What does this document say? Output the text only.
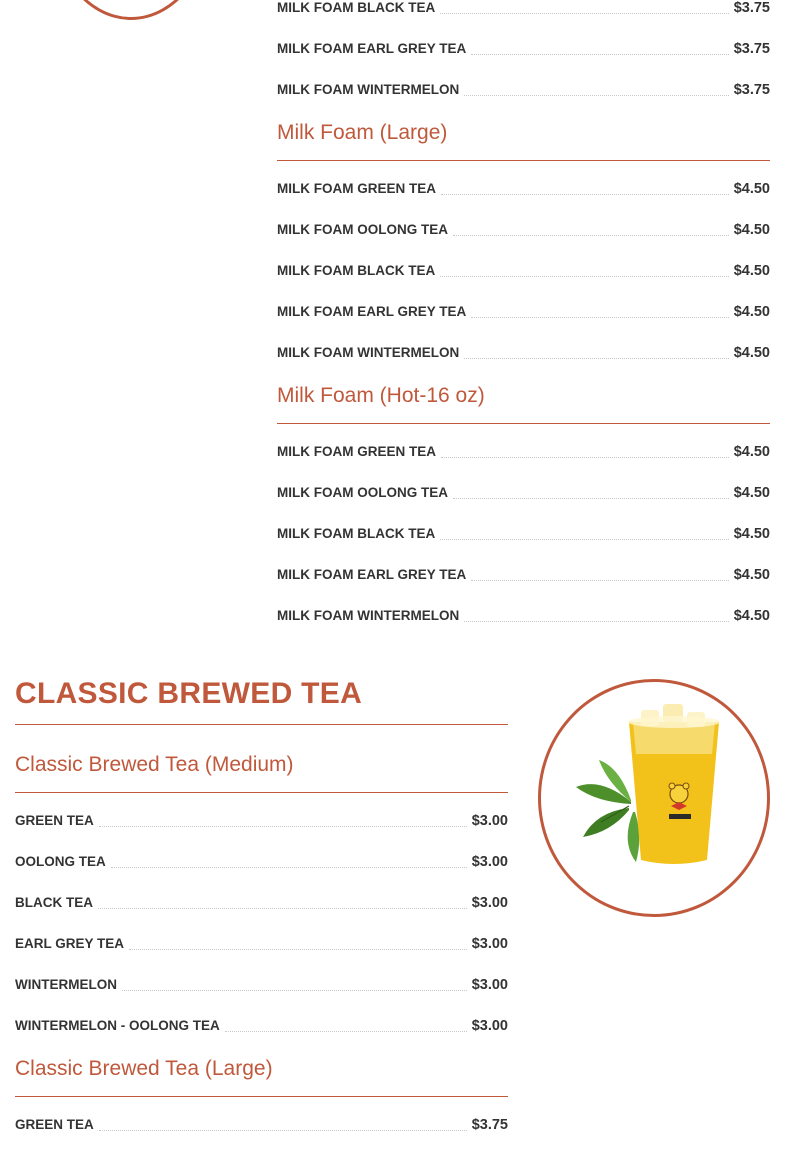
MILK FOAM BLACK TEA	$3.75
MILK FOAM EARL GREY TEA	$3.75
MILK FOAM WINTERMELON	$3.75
Milk Foam (Large)
MILK FOAM GREEN TEA	$4.50
MILK FOAM OOLONG TEA	$4.50
MILK FOAM BLACK TEA	$4.50
MILK FOAM EARL GREY TEA	$4.50
MILK FOAM WINTERMELON	$4.50
Milk Foam (Hot-16 oz)
MILK FOAM GREEN TEA	$4.50
MILK FOAM OOLONG TEA	$4.50
MILK FOAM BLACK TEA	$4.50
MILK FOAM EARL GREY TEA	$4.50
MILK FOAM WINTERMELON	$4.50
CLASSIC BREWED TEA
Classic Brewed Tea (Medium)
GREEN TEA	$3.00
OOLONG TEA	$3.00
BLACK TEA	$3.00
EARL GREY TEA	$3.00
WINTERMELON	$3.00
WINTERMELON - OOLONG TEA	$3.00
Classic Brewed Tea (Large)
GREEN TEA	$3.75
